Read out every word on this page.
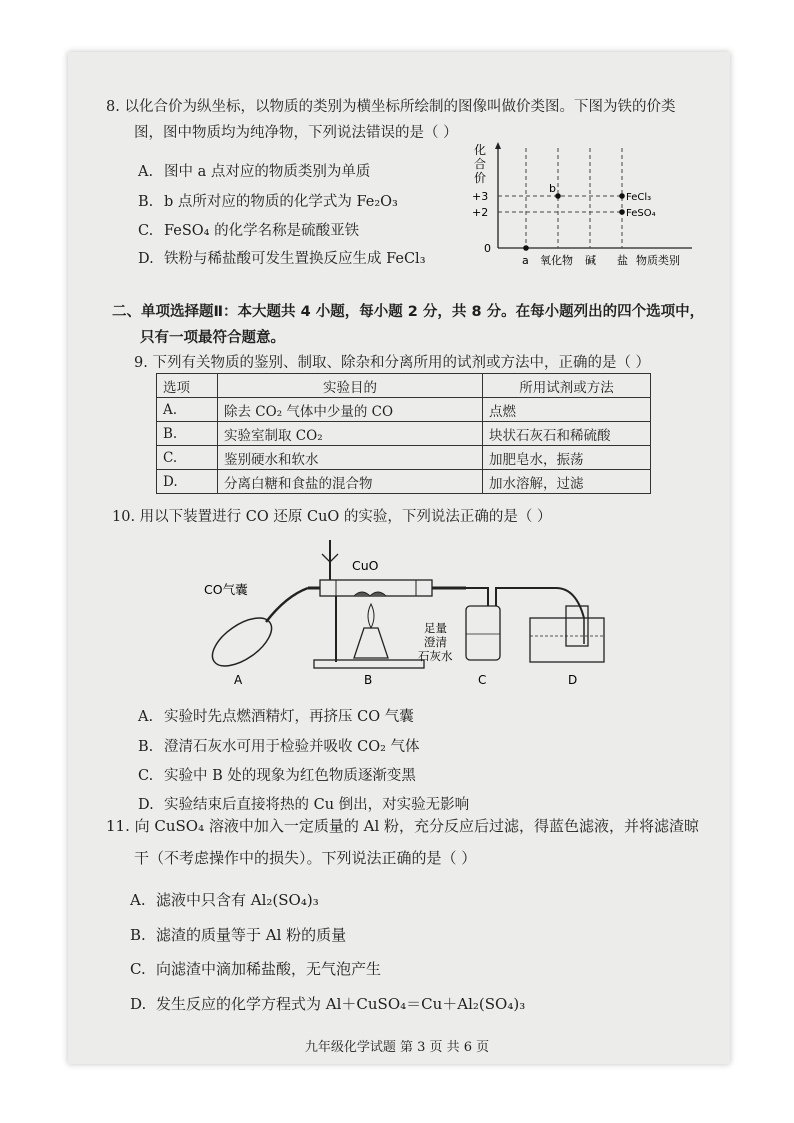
8. 以化合价为纵坐标，以物质的类别为横坐标所绘制的图像叫做价类图。下图为铁的价类
图，图中物质均为纯净物，下列说法错误的是（ ）
A. 图中 a 点对应的物质类别为单质
B. b 点所对应的物质的化学式为 Fe₂O₃
C. FeSO₄ 的化学名称是硫酸亚铁
D. 铁粉与稀盐酸可发生置换反应生成 FeCl₃
化
合
价
+3
+2
0
b
FeCl₃
FeSO₄
a 氧化物 碱 盐 物质类别
二、单项选择题Ⅱ：本大题共 4 小题，每小题 2 分，共 8 分。在每小题列出的四个选项中，
只有一项最符合题意。
9. 下列有关物质的鉴别、制取、除杂和分离所用的试剂或方法中，正确的是（ ）
选项	实验目的	所用试剂或方法
A.	除去 CO₂ 气体中少量的 CO	点燃
B.	实验室制取 CO₂	块状石灰石和稀硫酸
C.	鉴别硬水和软水	加肥皂水，振荡
D.	分离白糖和食盐的混合物	加水溶解，过滤
10. 用以下装置进行 CO 还原 CuO 的实验，下列说法正确的是（ ）
CO气囊
CuO
足量
澄清
石灰水
A	B	C	D
A. 实验时先点燃酒精灯，再挤压 CO 气囊
B. 澄清石灰水可用于检验并吸收 CO₂ 气体
C. 实验中 B 处的现象为红色物质逐渐变黑
D. 实验结束后直接将热的 Cu 倒出，对实验无影响
11. 向 CuSO₄ 溶液中加入一定质量的 Al 粉，充分反应后过滤，得蓝色滤液，并将滤渣晾
干（不考虑操作中的损失）。下列说法正确的是（ ）
A. 滤液中只含有 Al₂(SO₄)₃
B. 滤渣的质量等于 Al 粉的质量
C. 向滤渣中滴加稀盐酸，无气泡产生
D. 发生反应的化学方程式为 Al＋CuSO₄＝Cu＋Al₂(SO₄)₃
九年级化学试题 第 3 页 共 6 页
